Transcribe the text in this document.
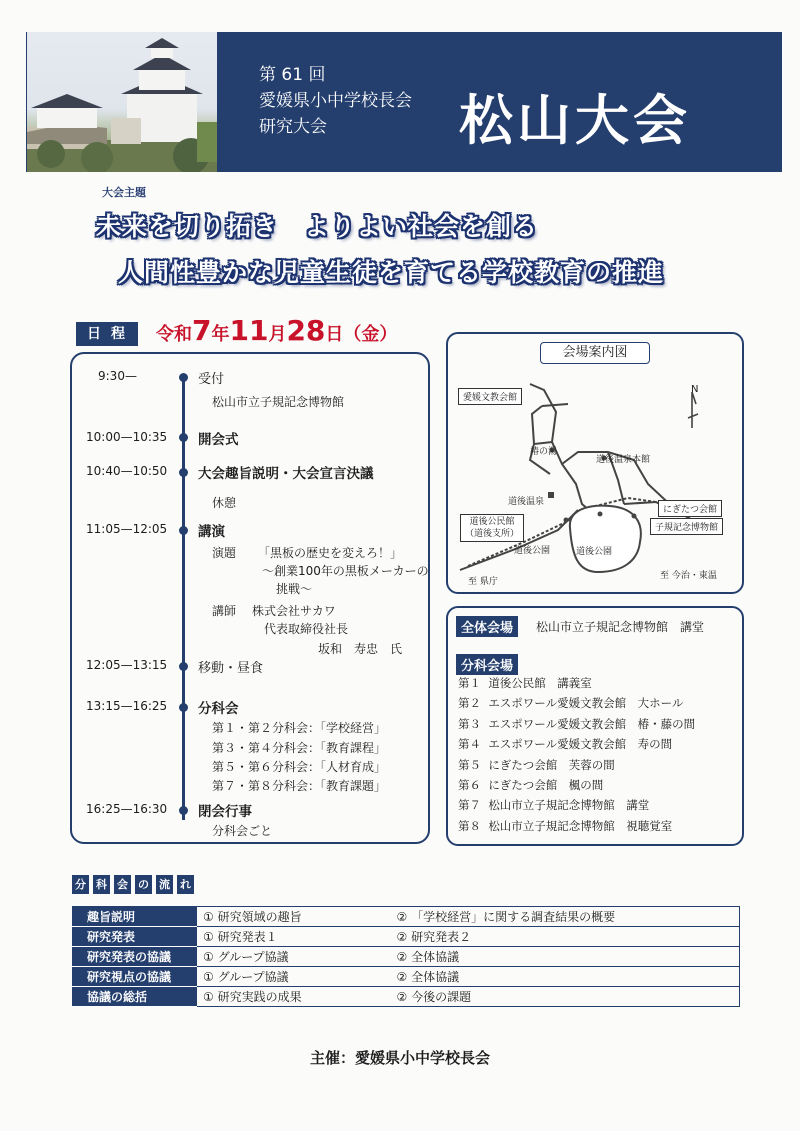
第 61 回
愛媛県小中学校長会
研究大会	松山大会
大会主題
未来を切り拓き　よりよい社会を創る
人間性豊かな児童生徒を育てる学校教育の推進
日程 令和7年11月28日（金）
9:30—	受付
松山市立子規記念博物館
10:00—10:35 開会式
10:40—10:50 大会趣旨説明・大会宣言決議
休憩
11:05—12:05 講演
演題 「黒板の歴史を変えろ！」
～創業100年の黒板メーカーの
挑戦～
講師 株式会社サカワ
代表取締役社長
坂和　寿忠　氏
12:05—13:15 移動・昼食
13:15—16:25 分科会
第１・第２分科会：「学校経営」
第３・第４分科会：「教育課程」
第５・第６分科会：「人材育成」
第７・第８分科会：「教育課題」
16:25—16:30 閉会行事
分科会ごと
会場案内図
N
愛媛文教会館
椿の湯
道後温泉本館
道後温泉
道後公民館
（道後支所）
にぎたつ会館
子規記念博物館
道後公園	道後公園
至 県庁
至 今治・東温
全体会場	松山市立子規記念博物館　講堂
分科会場
第１ 道後公民館　講義室
第２ エスポワール愛媛文教会館　大ホール
第３ エスポワール愛媛文教会館　椿・藤の間
第４ エスポワール愛媛文教会館　寿の間
第５ にぎたつ会館　芙蓉の間
第６ にぎたつ会館　楓の間
第７ 松山市立子規記念博物館　講堂
第８ 松山市立子規記念博物館　視聴覚室
分 科 会 の 流 れ
趣旨説明	① 研究領域の趣旨	② 「学校経営」に関する調査結果の概要
研究発表	① 研究発表１	② 研究発表２
研究発表の協議	① グループ協議	② 全体協議
研究視点の協議	① グループ協議	② 全体協議
協議の総括	① 研究実践の成果	② 今後の課題
主催：愛媛県小中学校長会
